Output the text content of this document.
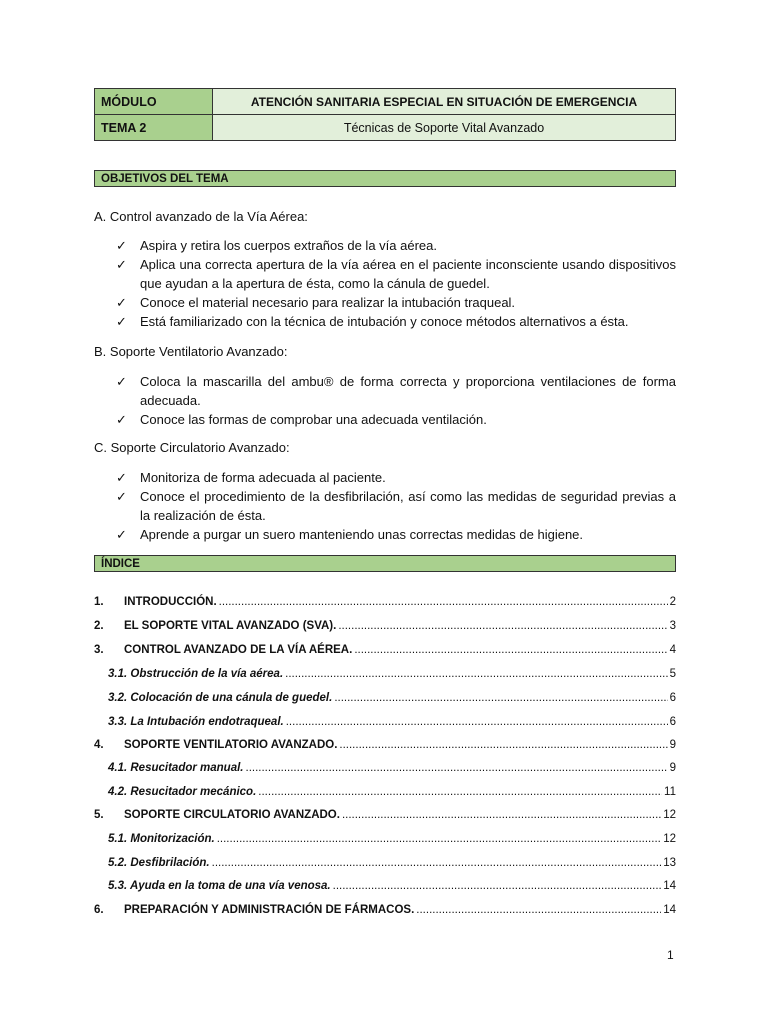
MÓDULO	ATENCIÓN SANITARIA ESPECIAL EN SITUACIÓN DE EMERGENCIA
TEMA 2	Técnicas de Soporte Vital Avanzado
OBJETIVOS DEL TEMA
A. Control avanzado de la Vía Aérea:
✓ Aspira y retira los cuerpos extraños de la vía aérea.
✓ Aplica una correcta apertura de la vía aérea en el paciente inconsciente usando dispositivos que ayudan a la apertura de ésta, como la cánula de guedel.
✓ Conoce el material necesario para realizar la intubación traqueal.
✓ Está familiarizado con la técnica de intubación y conoce métodos alternativos a ésta.
B. Soporte Ventilatorio Avanzado:
✓ Coloca la mascarilla del ambu® de forma correcta y proporciona ventilaciones de forma adecuada.
✓ Conoce las formas de comprobar una adecuada ventilación.
C. Soporte Circulatorio Avanzado:
✓ Monitoriza de forma adecuada al paciente.
✓ Conoce el procedimiento de la desfibrilación, así como las medidas de seguridad previas a la realización de ésta.
✓ Aprende a purgar un suero manteniendo unas correctas medidas de higiene.
ÍNDICE
1.	INTRODUCCIÓN. .....	2
2.	EL SOPORTE VITAL AVANZADO (SVA). .....	3
3.	CONTROL AVANZADO DE LA VÍA AÉREA. .....	4
3.1. Obstrucción de la vía aérea. .....	5
3.2. Colocación de una cánula de guedel. .....	6
3.3. La Intubación endotraqueal. .....	6
4.	SOPORTE VENTILATORIO AVANZADO. .....	9
4.1. Resucitador manual. .....	9
4.2. Resucitador mecánico. .....	11
5.	SOPORTE CIRCULATORIO AVANZADO. .....	12
5.1. Monitorización. .....	12
5.2. Desfibrilación. .....	13
5.3. Ayuda en la toma de una vía venosa. .....	14
6.	PREPARACIÓN Y ADMINISTRACIÓN DE FÁRMACOS. .....	14
1
